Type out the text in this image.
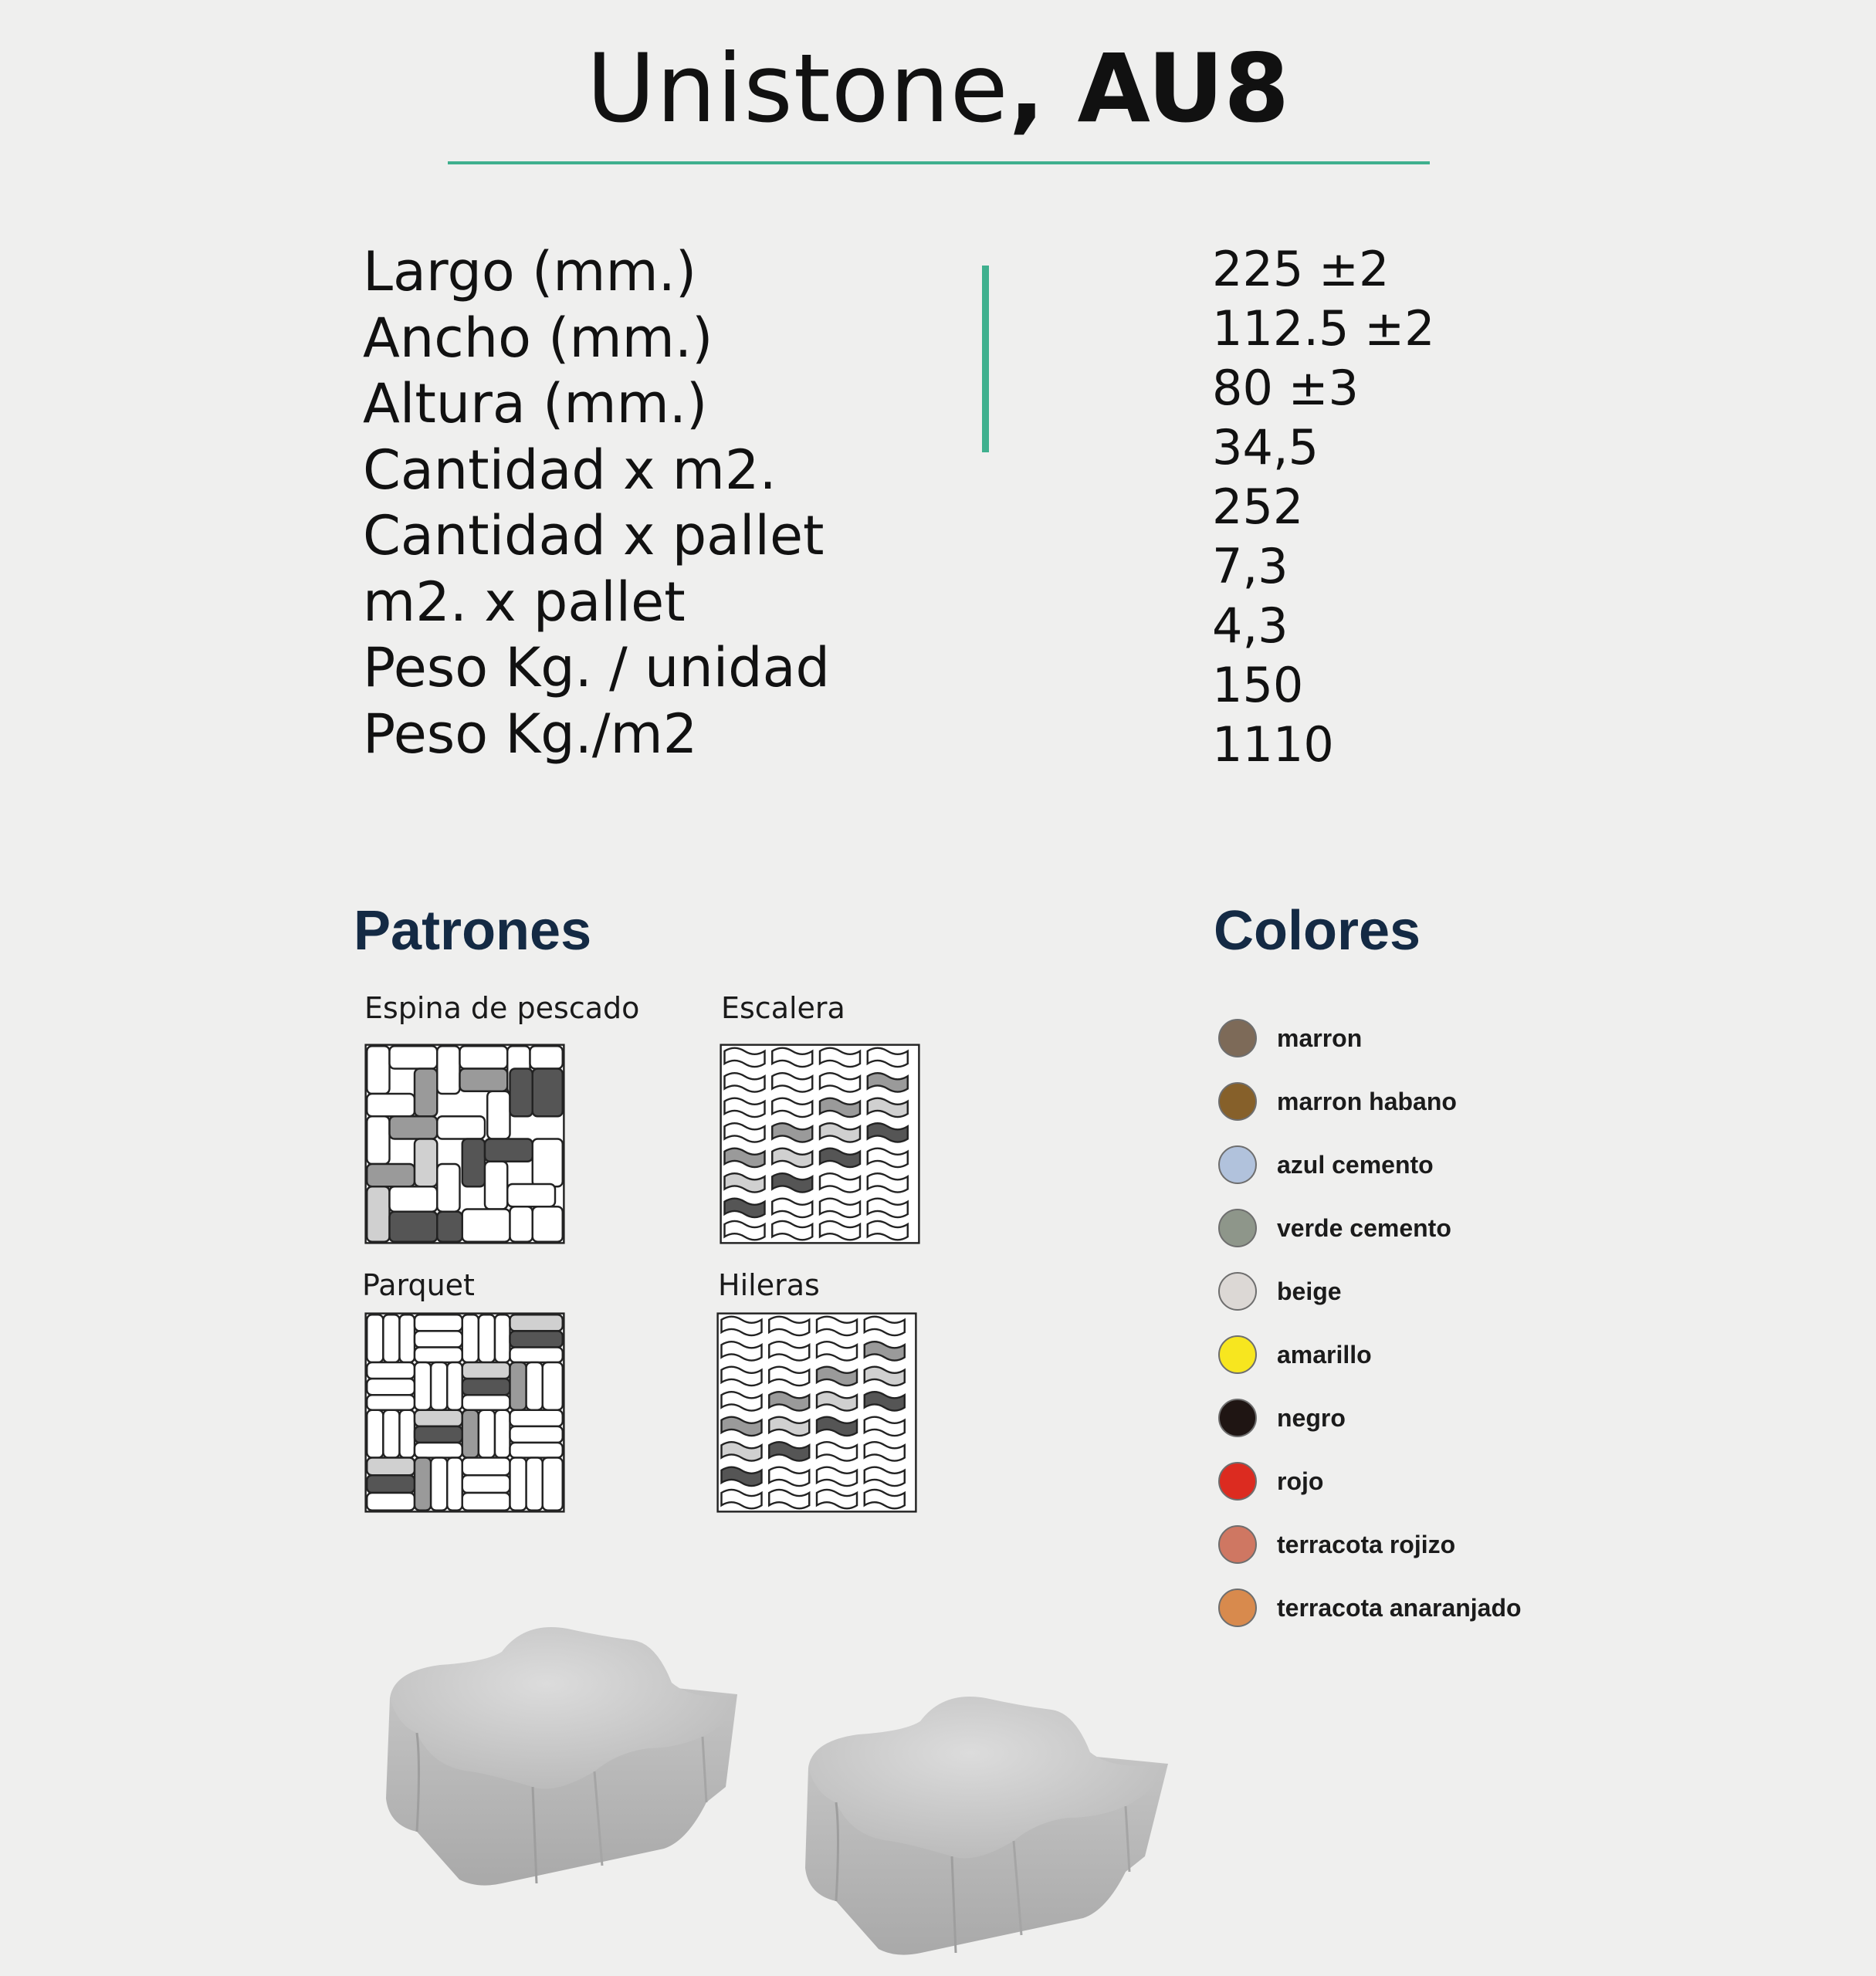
Unistone, AU8
Largo (mm.)
Ancho (mm.)
Altura (mm.)
Cantidad x m2.
Cantidad x pallet
m2. x pallet
Peso Kg. / unidad
Peso Kg./m2
225 ±2
112.5 ±2
80 ±3
34,5
252
7,3
4,3
150
1110
Patrones
Espina de pescado	Escalera
Parquet	Hileras
Colores
marron
marron habano
azul cemento
verde cemento
beige
amarillo
negro
rojo
terracota rojizo
terracota anaranjado
